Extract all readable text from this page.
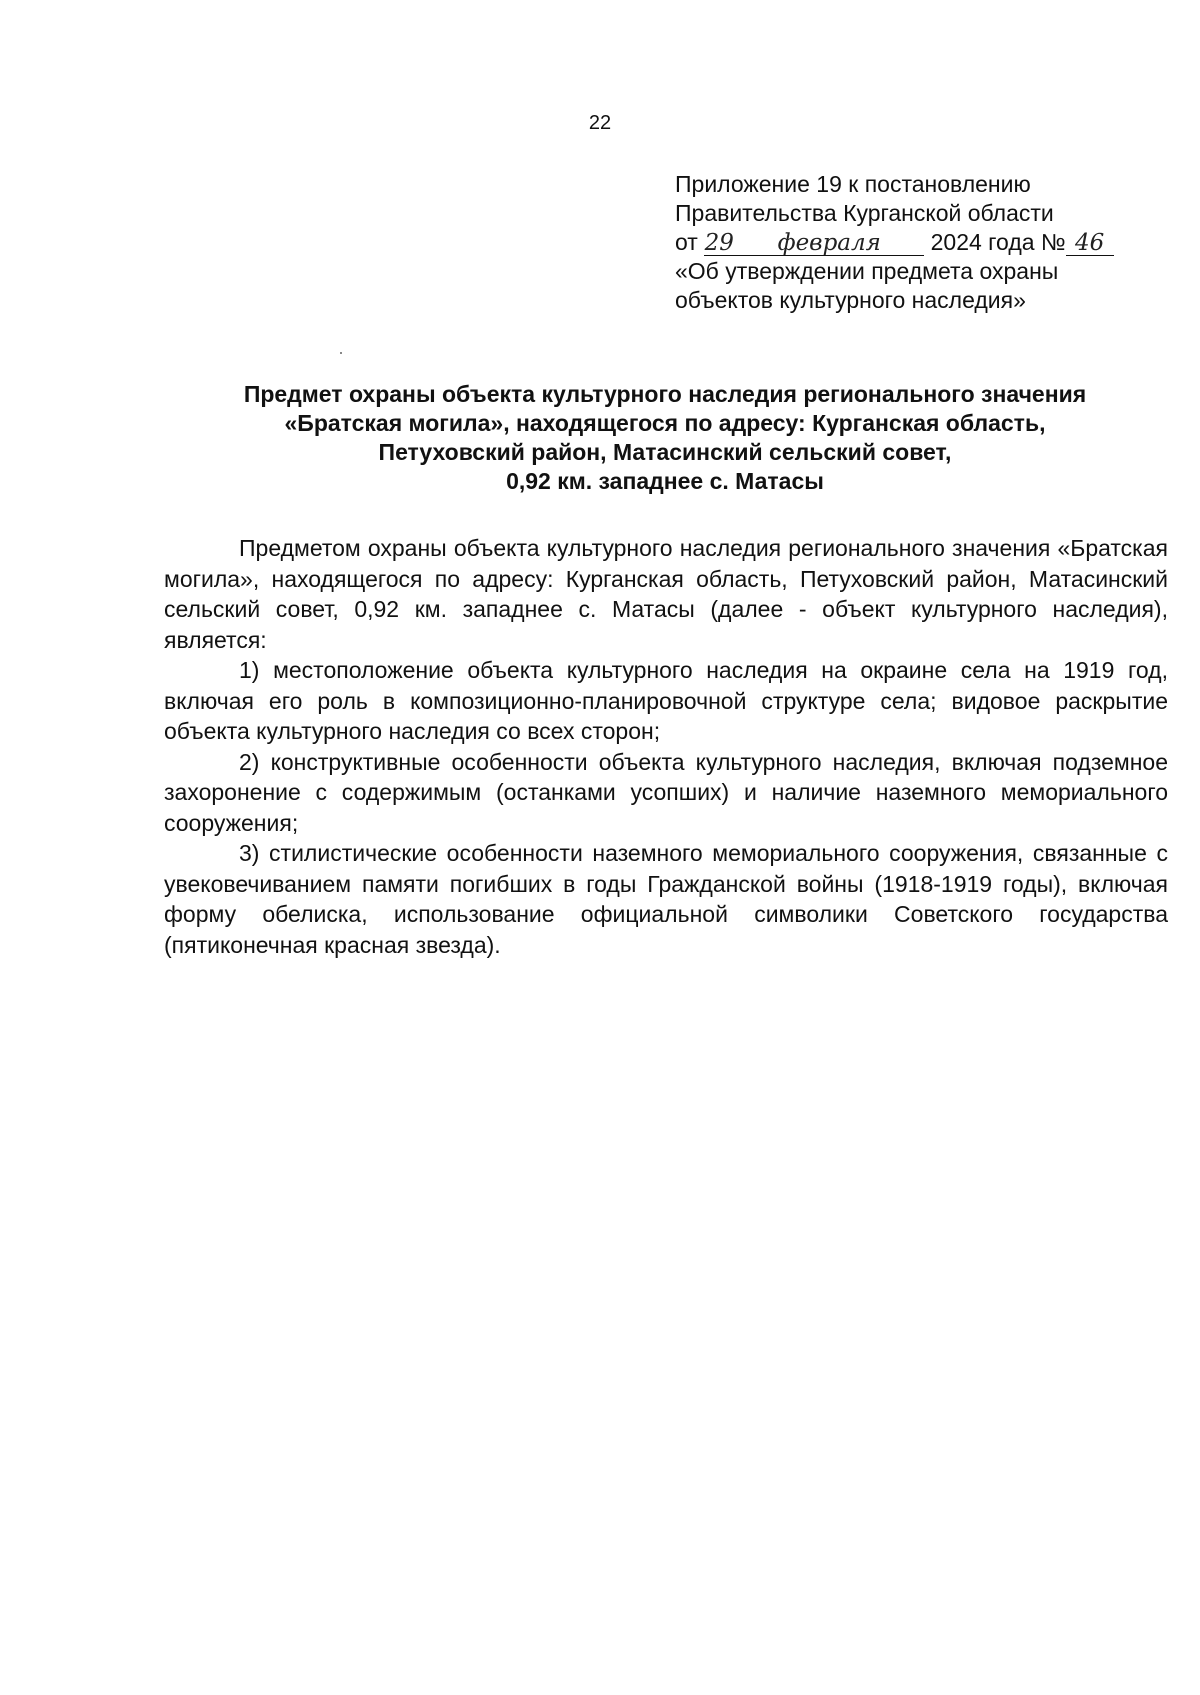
22
Приложение 19 к постановлению
Правительства Курганской области
от 29 февраля 2024 года № 46
«Об утверждении предмета охраны
объектов культурного наследия»
Предмет охраны объекта культурного наследия регионального значения
«Братская могила», находящегося по адресу: Курганская область,
Петуховский район, Матасинский сельский совет,
0,92 км. западнее с. Матасы

Предметом охраны объекта культурного наследия регионального значения «Братская могила», находящегося по адресу: Курганская область, Петуховский район, Матасинский сельский совет, 0,92 км. западнее с. Матасы (далее - объект культурного наследия), является:

1) местоположение объекта культурного наследия на окраине села на 1919 год, включая его роль в композиционно-планировочной структуре села; видовое раскрытие объекта культурного наследия со всех сторон;

2) конструктивные особенности объекта культурного наследия, включая подземное захоронение с содержимым (останками усопших) и наличие наземного мемориального сооружения;

3) стилистические особенности наземного мемориального сооружения, связанные с увековечиванием памяти погибших в годы Гражданской войны (1918-1919 годы), включая форму обелиска, использование официальной символики Советского государства (пятиконечная красная звезда).
